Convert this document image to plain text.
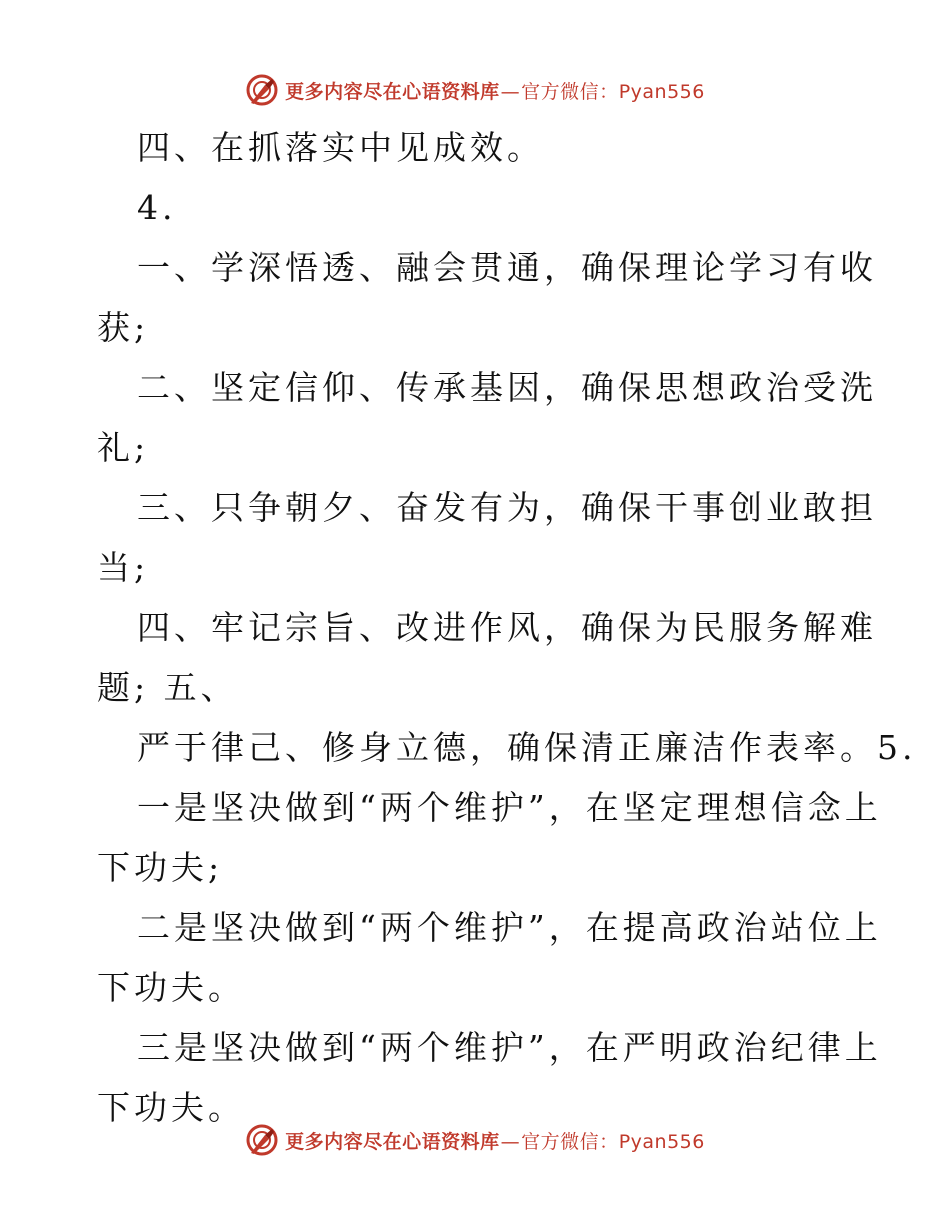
更多内容尽在心语资料库—官方微信：Pyan556
四、在抓落实中见成效。
4.
一、学深悟透、融会贯通，确保理论学习有收
获;
二、坚定信仰、传承基因，确保思想政治受洗
礼;
三、只争朝夕、奋发有为，确保干事创业敢担
当;
四、牢记宗旨、改进作风，确保为民服务解难
题; 五、
严于律己、修身立德，确保清正廉洁作表率。5.
一是坚决做到“两个维护”，在坚定理想信念上
下功夫;
二是坚决做到“两个维护”，在提高政治站位上
下功夫。
三是坚决做到“两个维护”，在严明政治纪律上
下功夫。
更多内容尽在心语资料库—官方微信：Pyan556
